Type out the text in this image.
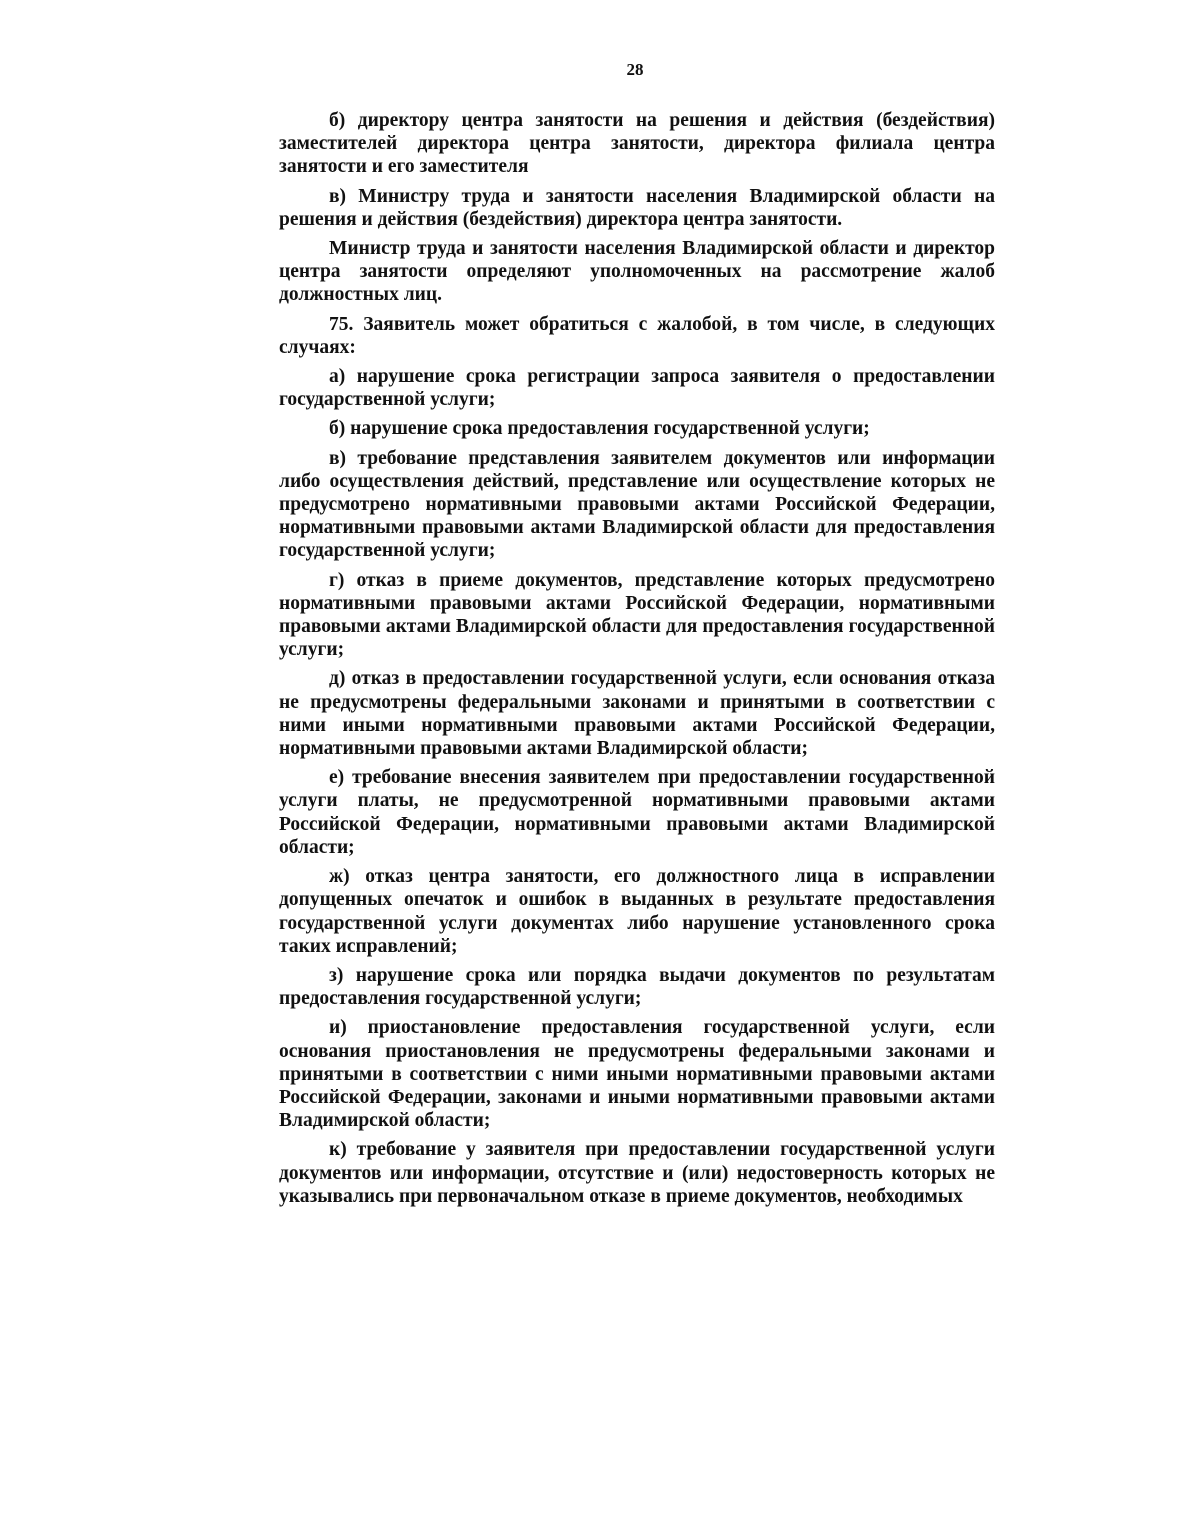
28

б) директору центра занятости на решения и действия (бездействия) заместителей директора центра занятости, директора филиала центра занятости и его заместителя

в) Министру труда и занятости населения Владимирской области на решения и действия (бездействия) директора центра занятости.

Министр труда и занятости населения Владимирской области и директор центра занятости определяют уполномоченных на рассмотрение жалоб должностных лиц.

75. Заявитель может обратиться с жалобой, в том числе, в следующих случаях:

а) нарушение срока регистрации запроса заявителя о предоставлении государственной услуги;

б) нарушение срока предоставления государственной услуги;

в) требование представления заявителем документов или информации либо осуществления действий, представление или осуществление которых не предусмотрено нормативными правовыми актами Российской Федерации, нормативными правовыми актами Владимирской области для предоставления государственной услуги;

г) отказ в приеме документов, представление которых предусмотрено нормативными правовыми актами Российской Федерации, нормативными правовыми актами Владимирской области для предоставления государственной услуги;

д) отказ в предоставлении государственной услуги, если основания отказа не предусмотрены федеральными законами и принятыми в соответствии с ними иными нормативными правовыми актами Российской Федерации, нормативными правовыми актами Владимирской области;

е) требование внесения заявителем при предоставлении государственной услуги платы, не предусмотренной нормативными правовыми актами Российской Федерации, нормативными правовыми актами Владимирской области;

ж) отказ центра занятости, его должностного лица в исправлении допущенных опечаток и ошибок в выданных в результате предоставления государственной услуги документах либо нарушение установленного срока таких исправлений;

з) нарушение срока или порядка выдачи документов по результатам предоставления государственной услуги;

и) приостановление предоставления государственной услуги, если основания приостановления не предусмотрены федеральными законами и принятыми в соответствии с ними иными нормативными правовыми актами Российской Федерации, законами и иными нормативными правовыми актами Владимирской области;

к) требование у заявителя при предоставлении государственной услуги документов или информации, отсутствие и (или) недостоверность которых не указывались при первоначальном отказе в приеме документов, необходимых
